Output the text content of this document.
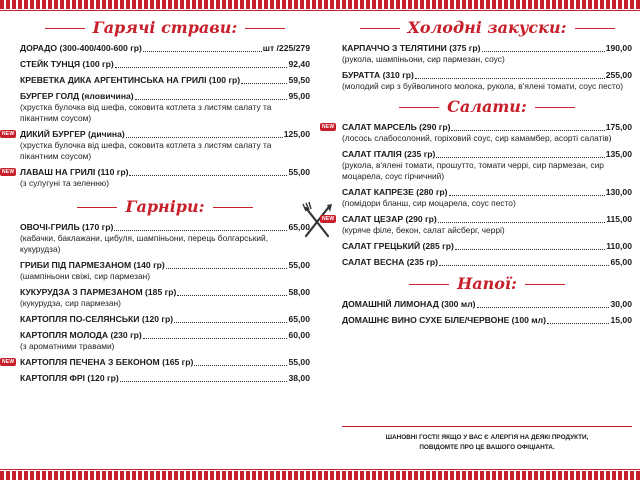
Гарячі страви:
ДОРАДО (300-400/400-600 гр)	шт /225/279
СТЕЙК ТУНЦЯ (100 гр)	92,40
КРЕВЕТКА ДИКА АРГЕНТИНСЬКА НА ГРИЛІ (100 гр)	59,50
БУРГЕР ГОЛД (яловичина)	95,00
(хрустка булочка від шефа, соковита котлета з листям салату та пікантним соусом)
NEW ДИКИЙ БУРГЕР (дичина)	125,00
(хрустка булочка від шефа, соковита котлета з листям салату та пікантним соусом)
NEW ЛАВАШ НА ГРИЛІ (110 гр)	55,00
(з сулугуні та зеленню)
Гарніри:
ОВОЧІ-ГРИЛЬ (170 гр)	65,00
(кабачки, баклажани, цибуля, шампіньони, перець болгарський, кукурудза)
ГРИБИ ПІД ПАРМЕЗАНОМ (140 гр)	55,00
(шампіньони свіжі, сир пармезан)
КУКУРУДЗА З ПАРМЕЗАНОМ (185 гр)	58,00
(кукурудза, сир пармезан)
КАРТОПЛЯ ПО-СЕЛЯНСЬКИ (120 гр)	65,00
КАРТОПЛЯ МОЛОДА (230 гр)	60,00
(з ароматними травами)
NEW КАРТОПЛЯ ПЕЧЕНА З БЕКОНОМ (165 гр)	55,00
КАРТОПЛЯ ФРІ (120 гр)	38,00
Холодні закуски:
КАРПАЧЧО З ТЕЛЯТИНИ (375 гр)	190,00
(рукола, шампіньони, сир пармезан, соус)
БУРАТТА (310 гр)	255,00
(молодий сир з буйволиного молока, рукола, в'ялені томати, соус песто)
Салати:
NEW САЛАТ МАРСЕЛЬ (290 гр)	175,00
(лосось слабосолоний, горіховий соус, сир камамбер, асорті салатів)
САЛАТ ІТАЛІЯ (235 гр)	135,00
(рукола, в'ялені томати, прошутто, томати черрі, сир пармезан, сир моцарела, соус гірчичний)
САЛАТ КАПРЕЗЕ (280 гр)	130,00
(помідори бланш, сир моцарела, соус песто)
NEW САЛАТ ЦЕЗАР (290 гр)	115,00
(куряче філе, бекон, салат айсберг, черрі)
САЛАТ ГРЕЦЬКИЙ (285 гр)	110,00
САЛАТ ВЕСНА (235 гр)	65,00
Напої:
ДОМАШНІЙ ЛИМОНАД (300 мл)	30,00
ДОМАШНЄ ВИНО СУХЕ БІЛЕ/ЧЕРВОНЕ (100 мл)	15,00
ШАНОВНІ ГОСТІ! ЯКЩО У ВАС Є АЛЕРГІЯ НА ДЕЯКІ ПРОДУКТИ,
ПОВІДОМТЕ ПРО ЦЕ ВАШОГО ОФІЦІАНТА.
